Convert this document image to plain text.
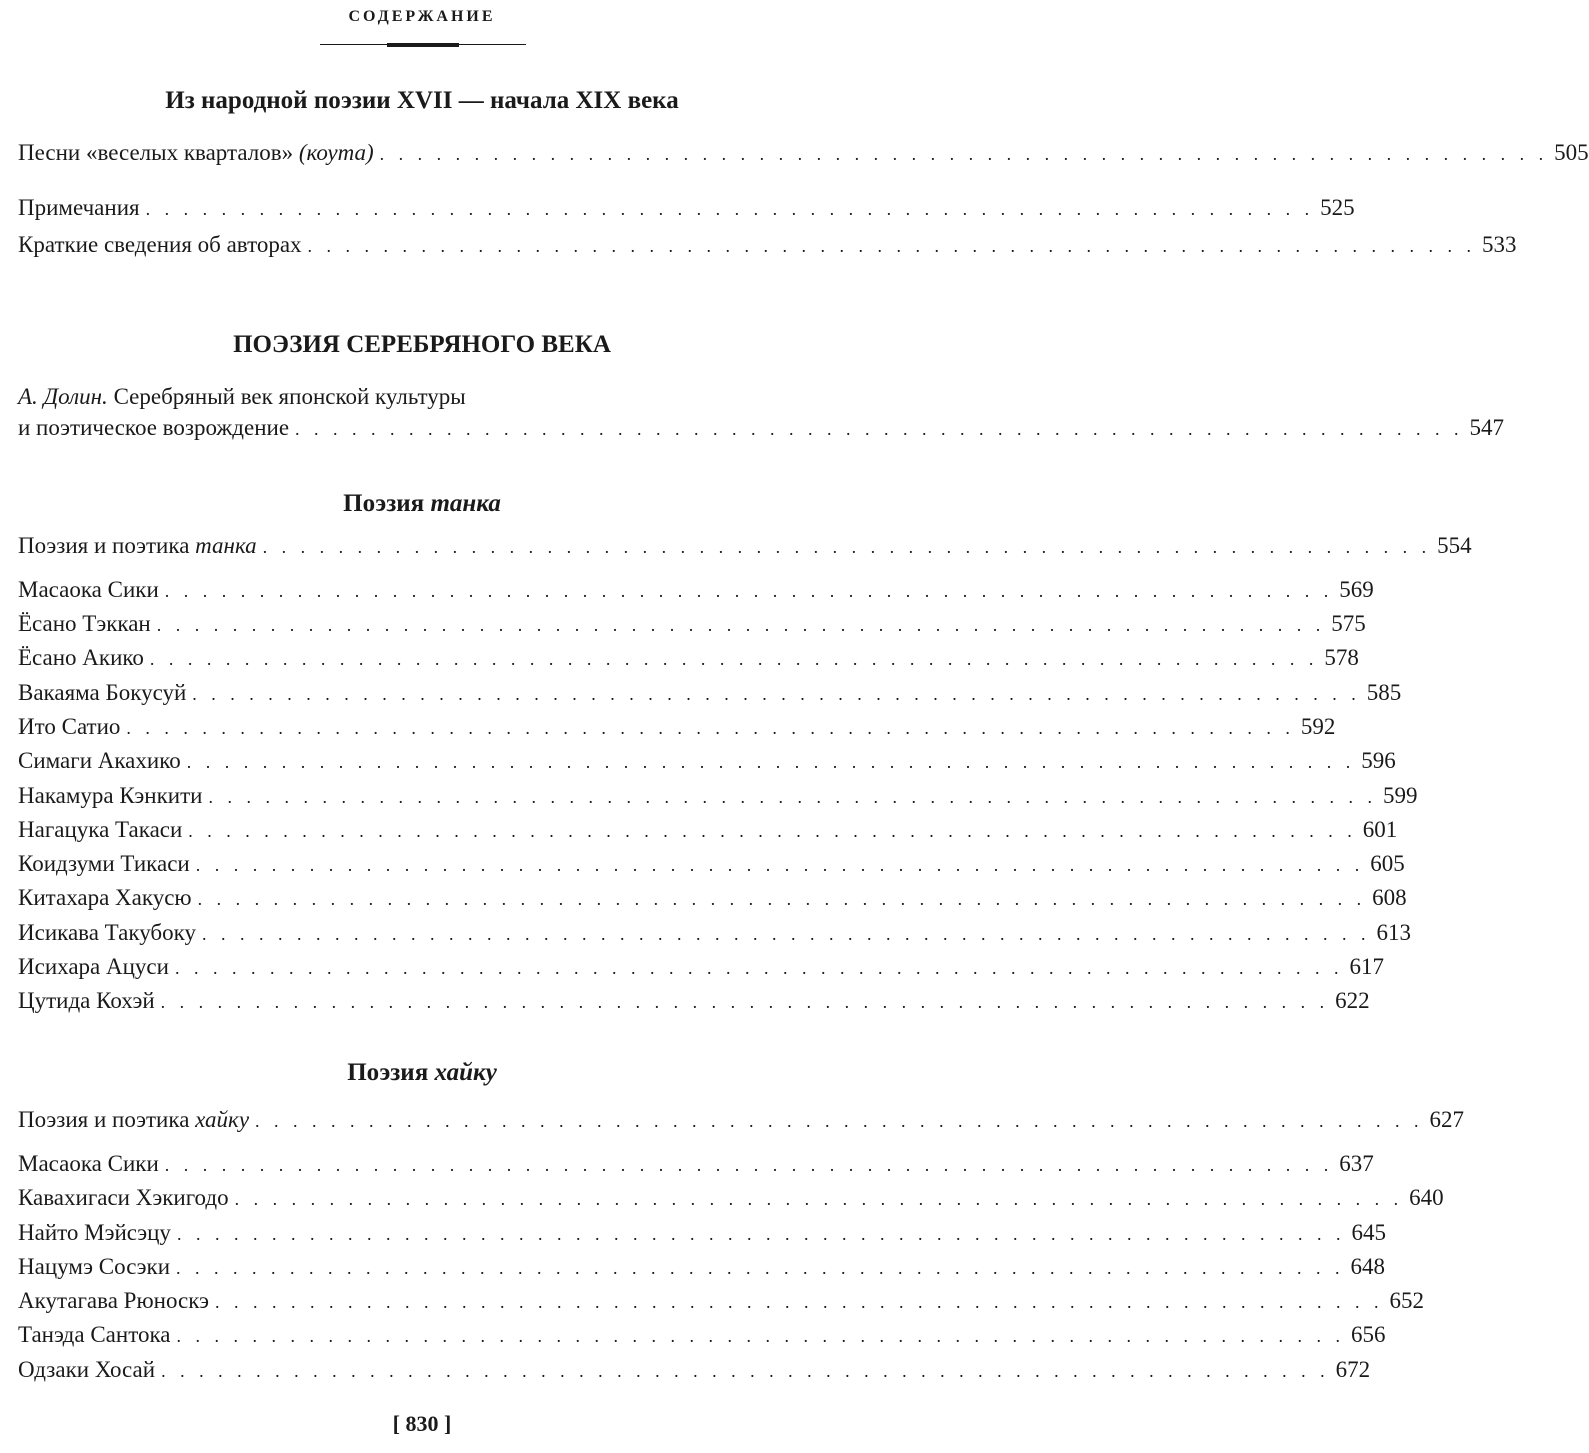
СОДЕРЖАНИЕ
Из народной поэзии XVII — начала XIX века
Песни «веселых кварталов» (коута) . . . . . . . . . . . . . . . . . . . . . . . . . . . . . . . . . . . . . . . . . . . . . . . . . . . . . . . . . . . . . . 505
Примечания . . . . . . . . . . . . . . . . . . . . . . . . . . . . . . . . . . . . . . . . . . . . . . . . . . . . . . . . . . . . . . 525
Краткие сведения об авторах . . . . . . . . . . . . . . . . . . . . . . . . . . . . . . . . . . . . . . . . . . . . . . . . . . . . . . . . . . . . . . 533
ПОЭЗИЯ СЕРЕБРЯНОГО ВЕКА
А. Долин. Серебряный век японской культуры
и поэтическое возрождение . . . . . . . . . . . . . . . . . . . . . . . . . . . . . . . . . . . . . . . . . . . . . . . . . . . . . . . . . . . . . . 547
Поэзия танка
Поэзия и поэтика танка . . . . . . . . . . . . . . . . . . . . . . . . . . . . . . . . . . . . . . . . . . . . . . . . . . . . . . . . . . . . . . 554
Масаока Сики . . . . . . . . . . . . . . . . . . . . . . . . . . . . . . . . . . . . . . . . . . . . . . . . . . . . . . . . . . . . . . 569
Ёсано Тэккан . . . . . . . . . . . . . . . . . . . . . . . . . . . . . . . . . . . . . . . . . . . . . . . . . . . . . . . . . . . . . . 575
Ёсано Акико . . . . . . . . . . . . . . . . . . . . . . . . . . . . . . . . . . . . . . . . . . . . . . . . . . . . . . . . . . . . . . 578
Вакаяма Бокусуй . . . . . . . . . . . . . . . . . . . . . . . . . . . . . . . . . . . . . . . . . . . . . . . . . . . . . . . . . . . . . . 585
Ито Сатио . . . . . . . . . . . . . . . . . . . . . . . . . . . . . . . . . . . . . . . . . . . . . . . . . . . . . . . . . . . . . . 592
Симаги Акахико . . . . . . . . . . . . . . . . . . . . . . . . . . . . . . . . . . . . . . . . . . . . . . . . . . . . . . . . . . . . . . 596
Накамура Кэнкити . . . . . . . . . . . . . . . . . . . . . . . . . . . . . . . . . . . . . . . . . . . . . . . . . . . . . . . . . . . . . . 599
Нагацука Такаси . . . . . . . . . . . . . . . . . . . . . . . . . . . . . . . . . . . . . . . . . . . . . . . . . . . . . . . . . . . . . . 601
Коидзуми Тикаси . . . . . . . . . . . . . . . . . . . . . . . . . . . . . . . . . . . . . . . . . . . . . . . . . . . . . . . . . . . . . . 605
Китахара Хакусю . . . . . . . . . . . . . . . . . . . . . . . . . . . . . . . . . . . . . . . . . . . . . . . . . . . . . . . . . . . . . . 608
Исикава Такубоку . . . . . . . . . . . . . . . . . . . . . . . . . . . . . . . . . . . . . . . . . . . . . . . . . . . . . . . . . . . . . . 613
Исихара Ацуси . . . . . . . . . . . . . . . . . . . . . . . . . . . . . . . . . . . . . . . . . . . . . . . . . . . . . . . . . . . . . . 617
Цутида Кохэй . . . . . . . . . . . . . . . . . . . . . . . . . . . . . . . . . . . . . . . . . . . . . . . . . . . . . . . . . . . . . . 622
Поэзия хайку
Поэзия и поэтика хайку . . . . . . . . . . . . . . . . . . . . . . . . . . . . . . . . . . . . . . . . . . . . . . . . . . . . . . . . . . . . . . 627
Масаока Сики . . . . . . . . . . . . . . . . . . . . . . . . . . . . . . . . . . . . . . . . . . . . . . . . . . . . . . . . . . . . . . 637
Кавахигаси Хэкигодо . . . . . . . . . . . . . . . . . . . . . . . . . . . . . . . . . . . . . . . . . . . . . . . . . . . . . . . . . . . . . . 640
Найто Мэйсэцу . . . . . . . . . . . . . . . . . . . . . . . . . . . . . . . . . . . . . . . . . . . . . . . . . . . . . . . . . . . . . . 645
Нацумэ Сосэки . . . . . . . . . . . . . . . . . . . . . . . . . . . . . . . . . . . . . . . . . . . . . . . . . . . . . . . . . . . . . . 648
Акутагава Рюноскэ . . . . . . . . . . . . . . . . . . . . . . . . . . . . . . . . . . . . . . . . . . . . . . . . . . . . . . . . . . . . . . 652
Танэда Сантока . . . . . . . . . . . . . . . . . . . . . . . . . . . . . . . . . . . . . . . . . . . . . . . . . . . . . . . . . . . . . . 656
Одзаки Хосай . . . . . . . . . . . . . . . . . . . . . . . . . . . . . . . . . . . . . . . . . . . . . . . . . . . . . . . . . . . . . . 672
[ 830 ]
